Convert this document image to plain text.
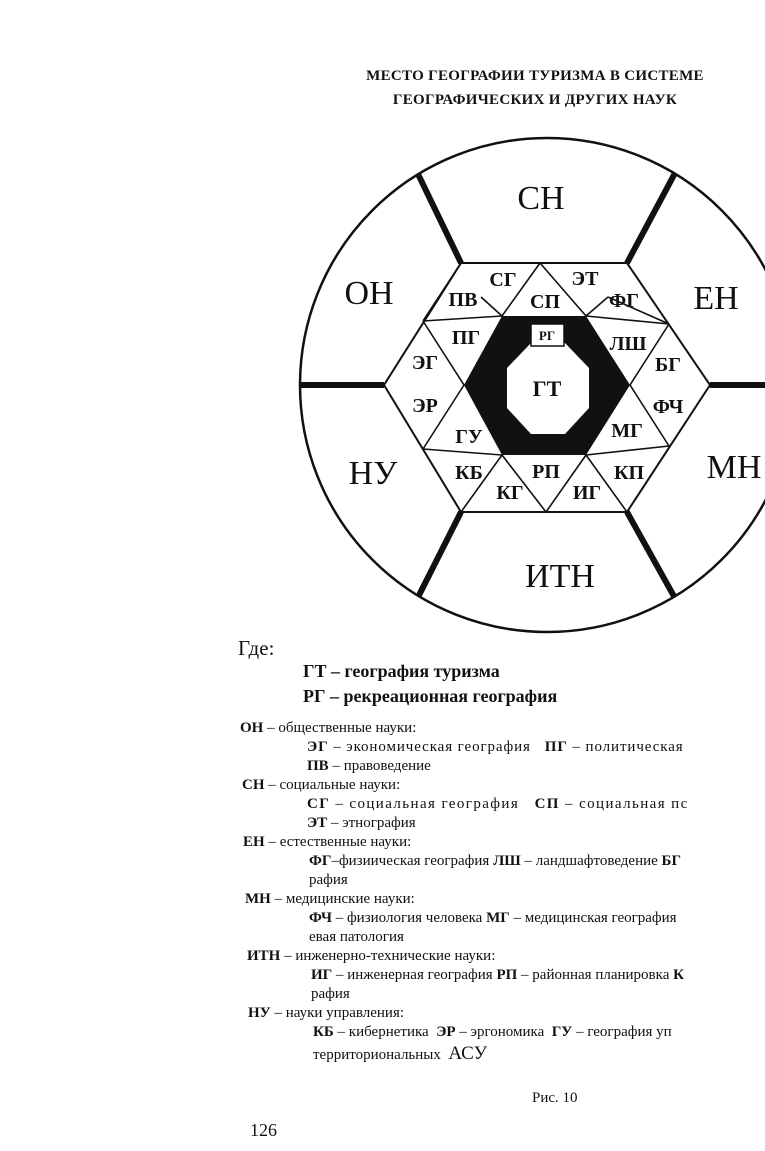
МЕСТО ГЕОГРАФИИ ТУРИЗМА В СИСТЕМЕ
ГЕОГРАФИЧЕСКИХ И ДРУГИХ НАУК
РГ
ГТ
СН
ЕН
МН
ИТН
НУ
ОН	СГ
СП
ЭТ
ФГ
ЛШ
БГ
ФЧ
МГ
КП
ИГ
РП
КГ
КБ
ГУ
ЭР
ЭГ
ПГ
ПВ
Где:
ГТ – география туризма
РГ – рекреационная география
ОН – общественные науки:
ЭГ – экономическая география ПГ – политическая
ПВ – правоведение
СН – социальные науки:
СГ – социальная география СП – социальная пс
ЭТ – этнография
ЕН – естественные науки:
ФГ–физиическая география ЛШ – ландшафтоведение БГ
рафия
МН – медицинские науки:
ФЧ – физиология человека МГ – медицинская география
евая патология
ИТН – инженерно-технические науки:
ИГ – инженерная география РП – районная планировка К
рафия
НУ – науки управления:
КБ – кибернетика ЭР – эргономика ГУ – география уп
территориональных АСУ
Рис. 10
126
